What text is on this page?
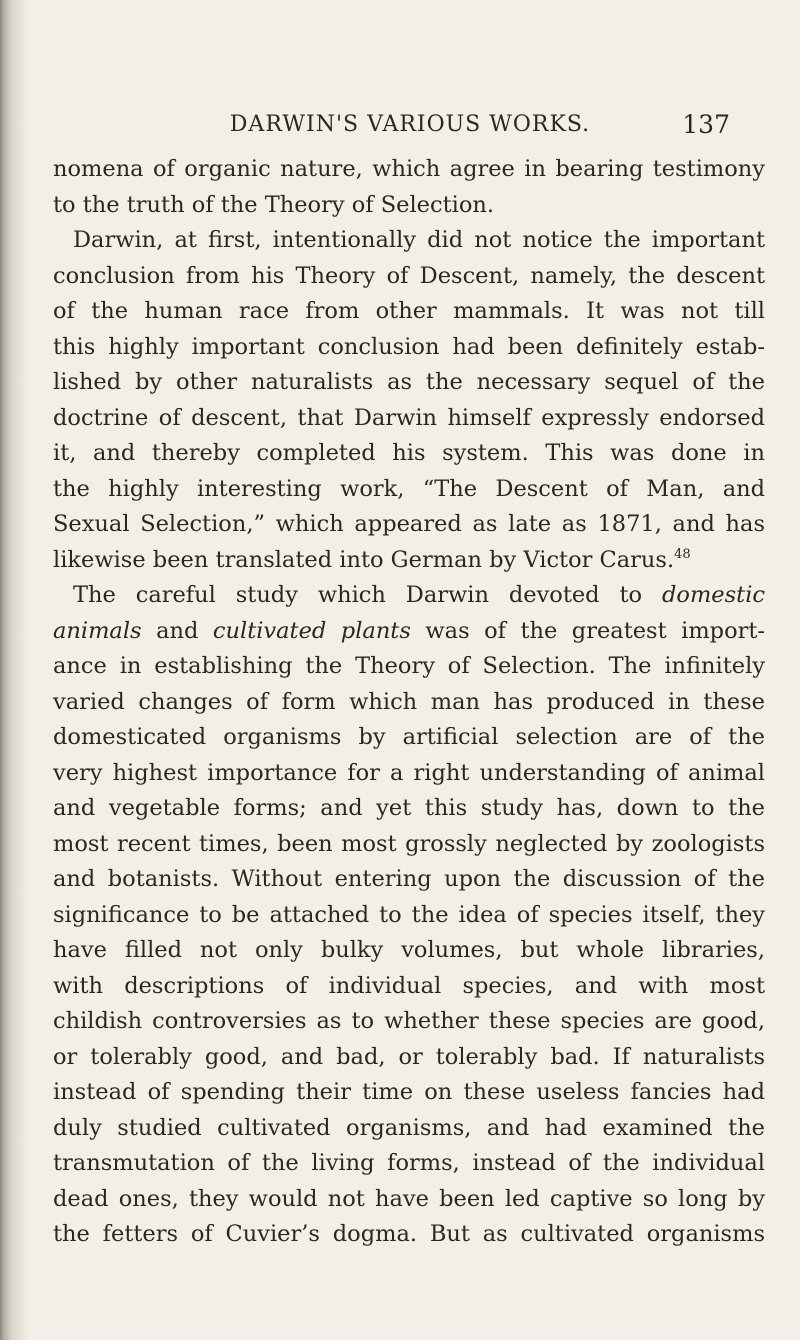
DARWIN'S VARIOUS WORKS.	137
nomena of organic nature, which agree in bearing testimony
to the truth of the Theory of Selection.
Darwin, at first, intentionally did not notice the important
conclusion from his Theory of Descent, namely, the descent
of the human race from other mammals. It was not till
this highly important conclusion had been definitely estab-
lished by other naturalists as the necessary sequel of the
doctrine of descent, that Darwin himself expressly endorsed
it, and thereby completed his system. This was done in
the highly interesting work, “The Descent of Man, and
Sexual Selection,” which appeared as late as 1871, and has
likewise been translated into German by Victor Carus.$^{48}$
The careful study which Darwin devoted to domestic
animals and cultivated plants was of the greatest import-
ance in establishing the Theory of Selection. The infinitely
varied changes of form which man has produced in these
domesticated organisms by artificial selection are of the
very highest importance for a right understanding of animal
and vegetable forms; and yet this study has, down to the
most recent times, been most grossly neglected by zoologists
and botanists. Without entering upon the discussion of the
significance to be attached to the idea of species itself, they
have filled not only bulky volumes, but whole libraries,
with descriptions of individual species, and with most
childish controversies as to whether these species are good,
or tolerably good, and bad, or tolerably bad. If naturalists
instead of spending their time on these useless fancies had
duly studied cultivated organisms, and had examined the
transmutation of the living forms, instead of the individual
dead ones, they would not have been led captive so long by
the fetters of Cuvier’s dogma. But as cultivated organisms
